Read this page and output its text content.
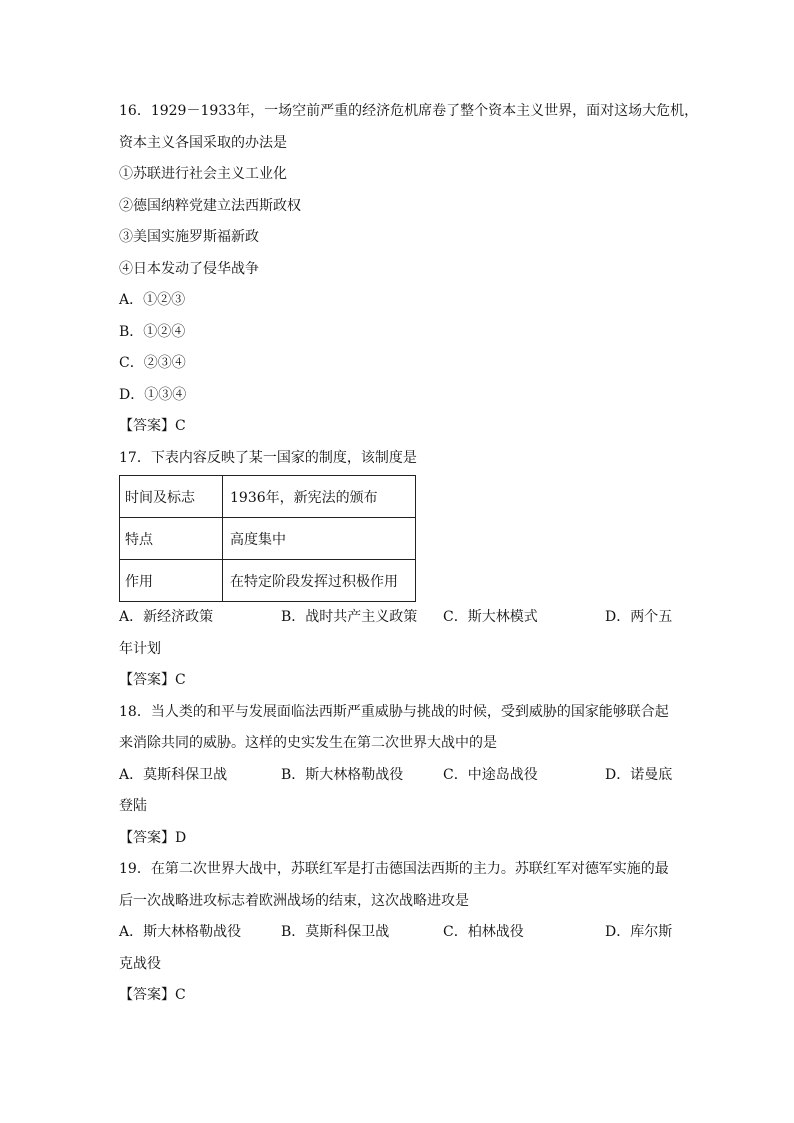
16．1929－1933年，一场空前严重的经济危机席卷了整个资本主义世界，面对这场大危机，
资本主义各国采取的办法是
①苏联进行社会主义工业化
②德国纳粹党建立法西斯政权
③美国实施罗斯福新政
④日本发动了侵华战争
A．①②③
B．①②④
C．②③④
D．①③④
【答案】C
17．下表内容反映了某一国家的制度，该制度是
时间及标志	1936年，新宪法的颁布
特点	高度集中
作用	在特定阶段发挥过积极作用
A．新经济政策	B．战时共产主义政策 C．斯大林模式	D．两个五
年计划
【答案】C
18．当人类的和平与发展面临法西斯严重威胁与挑战的时候，受到威胁的国家能够联合起
来消除共同的威胁。这样的史实发生在第二次世界大战中的是
A．莫斯科保卫战	B．斯大林格勒战役	C．中途岛战役	D．诺曼底
登陆
【答案】D
19．在第二次世界大战中，苏联红军是打击德国法西斯的主力。苏联红军对德军实施的最
后一次战略进攻标志着欧洲战场的结束，这次战略进攻是
A．斯大林格勒战役	B．莫斯科保卫战	C．柏林战役	D．库尔斯
克战役
【答案】C
